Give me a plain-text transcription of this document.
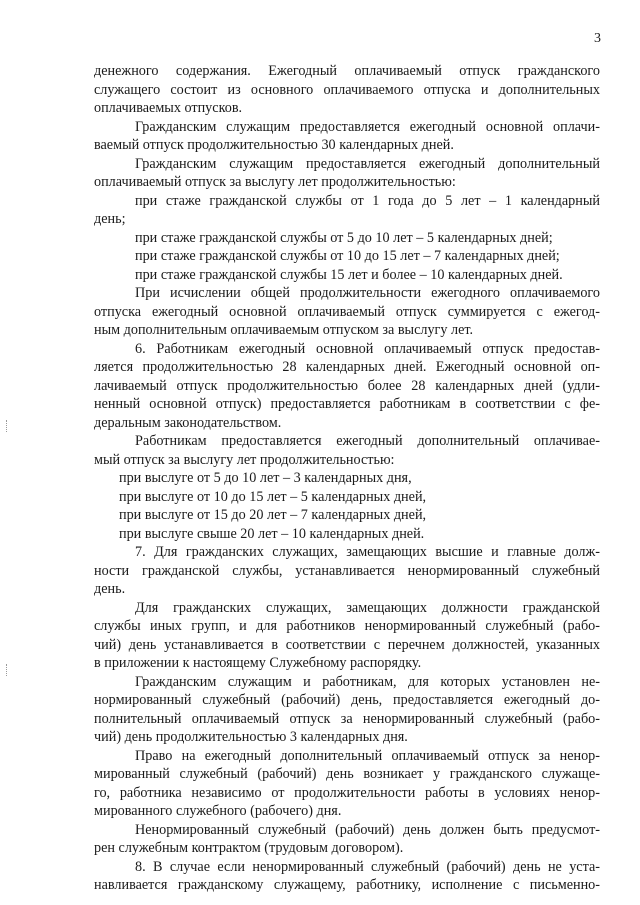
3
денежного содержания. Ежегодный оплачиваемый отпуск гражданского
служащего состоит из основного оплачиваемого отпуска и дополнительных
оплачиваемых отпусков.
Гражданским служащим предоставляется ежегодный основной оплачи-
ваемый отпуск продолжительностью 30 календарных дней.
Гражданским служащим предоставляется ежегодный дополнительный
оплачиваемый отпуск за выслугу лет продолжительностью:
при стаже гражданской службы от 1 года до 5 лет – 1 календарный
день;
при стаже гражданской службы от 5 до 10 лет – 5 календарных дней;
при стаже гражданской службы от 10 до 15 лет – 7 календарных дней;
при стаже гражданской службы 15 лет и более – 10 календарных дней.
При исчислении общей продолжительности ежегодного оплачиваемого
отпуска ежегодный основной оплачиваемый отпуск суммируется с ежегод-
ным дополнительным оплачиваемым отпуском за выслугу лет.
6. Работникам ежегодный основной оплачиваемый отпуск предостав-
ляется продолжительностью 28 календарных дней. Ежегодный основной оп-
лачиваемый отпуск продолжительностью более 28 календарных дней (удли-
ненный основной отпуск) предоставляется работникам в соответствии с фе-
деральным законодательством.
Работникам предоставляется ежегодный дополнительный оплачивае-
мый отпуск за выслугу лет продолжительностью:
при выслуге от 5 до 10 лет – 3 календарных дня,
при выслуге от 10 до 15 лет – 5 календарных дней,
при выслуге от 15 до 20 лет – 7 календарных дней,
при выслуге свыше 20 лет – 10 календарных дней.
7. Для гражданских служащих, замещающих высшие и главные долж-
ности гражданской службы, устанавливается ненормированный служебный
день.
Для гражданских служащих, замещающих должности гражданской
службы иных групп, и для работников ненормированный служебный (рабо-
чий) день устанавливается в соответствии с перечнем должностей, указанных
в приложении к настоящему Служебному распорядку.
Гражданским служащим и работникам, для которых установлен не-
нормированный служебный (рабочий) день, предоставляется ежегодный до-
полнительный оплачиваемый отпуск за ненормированный служебный (рабо-
чий) день продолжительностью 3 календарных дня.
Право на ежегодный дополнительный оплачиваемый отпуск за ненор-
мированный служебный (рабочий) день возникает у гражданского служаще-
го, работника независимо от продолжительности работы в условиях ненор-
мированного служебного (рабочего) дня.
Ненормированный служебный (рабочий) день должен быть предусмот-
рен служебным контрактом (трудовым договором).
8. В случае если ненормированный служебный (рабочий) день не уста-
навливается гражданскому служащему, работнику, исполнение с письменно-
